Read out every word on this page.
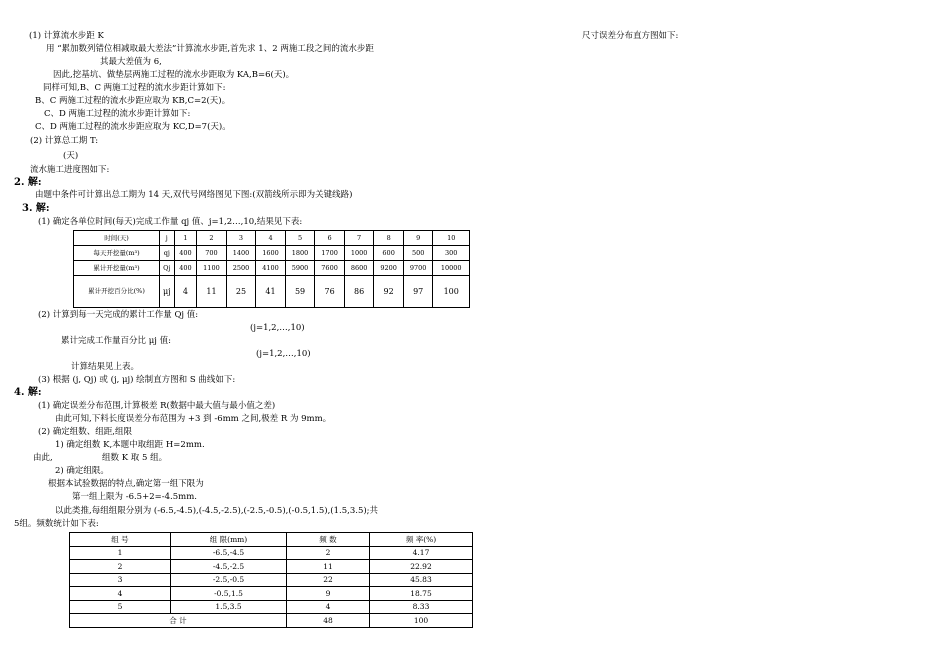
(1) 计算流水步距 K	尺寸误差分布直方图如下:
用 “累加数列错位相减取最大差法”计算流水步距,首先求 1、2 两施工段之间的流水步距
其最大差值为 6,
因此,挖基坑、做垫层两施工过程的流水步距取为 KA,B=6(天)。
同样可知,B、C 两施工过程的流水步距计算如下:
B、C 两施工过程的流水步距应取为 KB,C=2(天)。
C、D 两施工过程的流水步距计算如下:
C、D 两施工过程的流水步距应取为 KC,D=7(天)。
(2) 计算总工期 T:
(天)
流水施工进度图如下:
2. 解:
由题中条件可计算出总工期为 14 天,双代号网络图见下图:(双箭线所示即为关键线路)
3. 解:
(1) 确定各单位时间(每天)完成工作量 qj 值、j=1,2…,10,结果见下表:
时间(天)	j	1	2	3	4	5	6	7	8	9	10
每天开挖量(m³)	qj	400	700	1400	1600	1800	1700	1000	600	500	300
累计开挖量(m³)	Qj	400	1100	2500	4100	5900	7600	8600	9200	9700	10000
累计开挖百分比(%)	μj	4	11	25	41	59	76	86	92	97	100
(2) 计算到每一天完成的累计工作量 Qj 值:
(j=1,2,…,10)
累计完成工作量百分比 μj 值:
(j=1,2,…,10)
计算结果见上表。
(3) 根据 (j, Qj) 或 (j, μj) 绘制直方图和 S 曲线如下:
4. 解:
(1) 确定误差分布范围,计算极差 R(数据中最大值与最小值之差)
由此可知,下料长度误差分布范围为 +3 到 -6mm 之间,极差 R 为 9mm。
(2) 确定组数、组距,组限
1) 确定组数 K,本题中取组距 H=2mm.
由此,	组数 K 取 5 组。
2) 确定组限。
根据本试验数据的特点,确定第一组下限为
第一组上限为 -6.5+2=-4.5mm.
以此类推,每组组限分别为 (-6.5,-4.5),(-4.5,-2.5),(-2.5,-0.5),(-0.5,1.5),(1.5,3.5);共
5组。频数统计如下表:
组 号	组 限(mm)	频 数	频 率(%)
1	-6.5,-4.5	2	4.17
2	-4.5,-2.5	11	22.92
3	-2.5,-0.5	22	45.83
4	-0.5,1.5	9	18.75
5	1.5,3.5	4	8.33
合 计		48	100
